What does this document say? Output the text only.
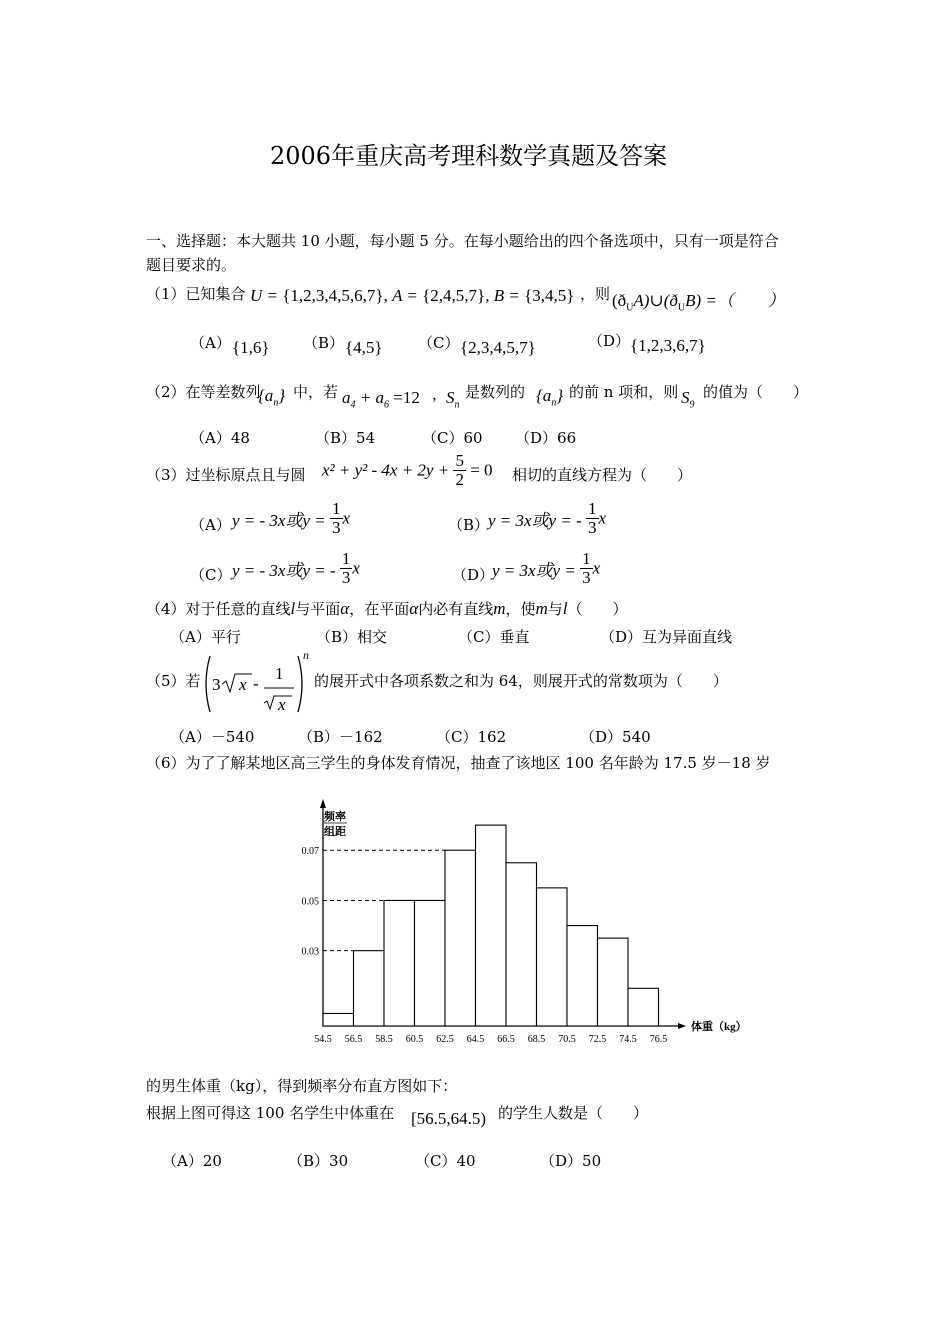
2006年重庆高考理科数学真题及答案
一、选择题：本大题共 10 小题，每小题 5 分。在每小题给出的四个备选项中，只有一项是符合
题目要求的。
（1）已知集合 U = {1,2,3,4,5,6,7}, A = {2,4,5,7}, B = {3,4,5} ，则 $(ð_UA)\cup(ð_UB)$ =（　　）
（A） {1,6} （B） {4,5} （C） {2,3,4,5,7}	（D） {1,2,3,6,7}
（2）在等差数列
$\{a_n\}$ 中，若 $a_4 + a_6 =12$ ，
$S_n$
是数列的 $\{a_n\}$ 的前 n 项和，则 $S_9$
的值为（　　）
（A）48	（B）54	（C）60 （D）66
（3）过坐标原点且与圆 $x^2 + y^2 - 4x + 2y + \frac{5}{2} = 0$ 相切的直线方程为（　　）
（A） y = - 3x或$y = \frac{1}{3}$ x	（B）
y = 3x或y = - $\frac{1}{3}$ x
（C） y = - 3x或y = - $\frac{1}{3}$ x	（D）
y = 3x或$y = \frac{1}{3}$ x
（4）对于任意的直线l与平面α，在平面α内必有直线m，使m与l（　　）
（A）平行	（B）相交	（C）垂直	（D）互为异面直线
（5）若 3 x -
1
x
n
的展开式中各项系数之和为 64，则展开式的常数项为（　　）
（A）－540	（B）－162	（C）162	（D）540
（6）为了了解某地区高三学生的身体发育情况，抽查了该地区 100 名年龄为 17.5 岁－18 岁
频率
组距
0.03
0.05
0.07
54.5 56.5 58.5 60.5 62.5 64.5 66.5 68.5 70.5 72.5 74.5 76.5
体重（kg）
的男生体重（kg），得到频率分布直方图如下：
根据上图可得这 100 名学生中体重在 [56.5,64.5) 的学生人数是（　　）
（A）20	（B）30	（C）40	（D）50
